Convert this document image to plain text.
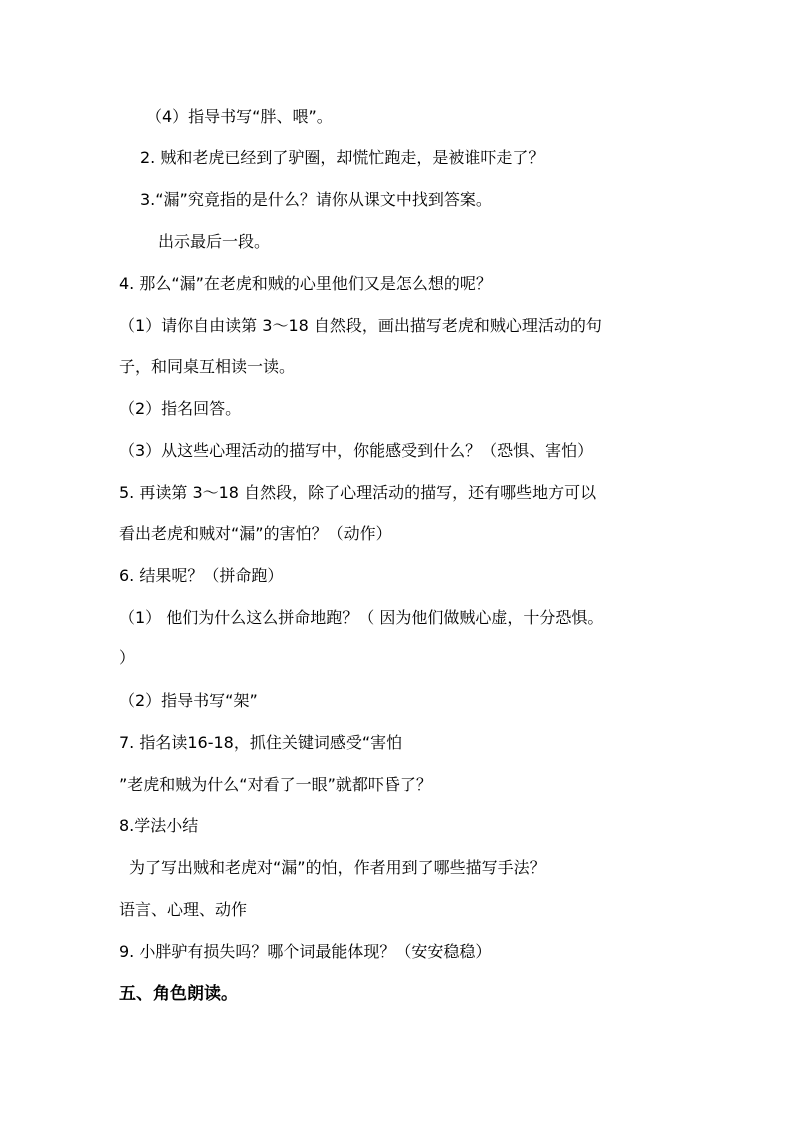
（4）指导书写“胖、喂”。
2. 贼和老虎已经到了驴圈，却慌忙跑走，是被谁吓走了？
3.“漏”究竟指的是什么？请你从课文中找到答案。
出示最后一段。
4. 那么“漏”在老虎和贼的心里他们又是怎么想的呢？
（1）请你自由读第 3～18 自然段，画出描写老虎和贼心理活动的句
子，和同桌互相读一读。
（2）指名回答。
（3）从这些心理活动的描写中，你能感受到什么？（恐惧、害怕）
5. 再读第 3～18 自然段，除了心理活动的描写，还有哪些地方可以
看出老虎和贼对“漏”的害怕？（动作）
6. 结果呢？（拼命跑）
（1） 他们为什么这么拼命地跑？（ 因为他们做贼心虚，十分恐惧。
）
（2）指导书写“架”
7. 指名读16-18，抓住关键词感受“害怕
”老虎和贼为什么“对看了一眼”就都吓昏了？
8.学法小结
为了写出贼和老虎对“漏”的怕，作者用到了哪些描写手法？
语言、心理、动作
9. 小胖驴有损失吗？哪个词最能体现？（安安稳稳）
五、角色朗读。
